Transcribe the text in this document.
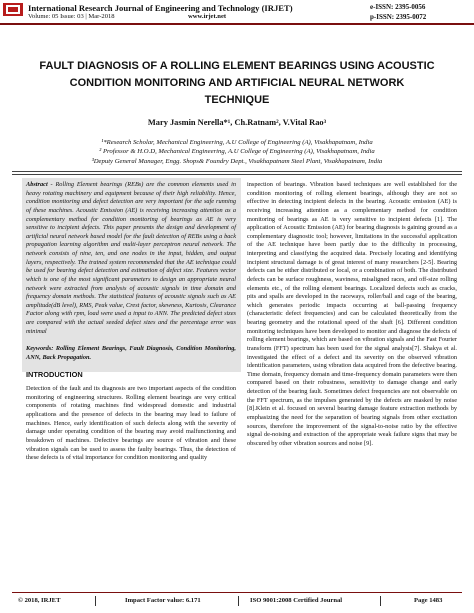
International Research Journal of Engineering and Technology (IRJET)
Volume: 05 Issue: 03 | Mar-2018	www.irjet.net
e-ISSN: 2395-0056
p-ISSN: 2395-0072
FAULT DIAGNOSIS OF A ROLLING ELEMENT BEARINGS USING ACOUSTIC
CONDITION MONITORING AND ARTIFICIAL NEURAL NETWORK
TECHNIQUE
Mary Jasmin Nerella*¹, Ch.Ratnam², V.Vital Rao³
¹*Research Scholar, Mechanical Engineering, A.U College of Engineering (A), Visakhapatnam, India
² Professor & H.O.D, Mechanical Engineering, A.U College of Engineering (A), Visakhapatnam, India
³Deputy General Manager, Engg. Shops& Foundry Dept., Visakhapatnam Steel Plant, Visakhapatnam, India

Abstract - Rolling Element bearings (REBs) are the common elements used in heavy rotating machinery and equipment because of their high reliability. Hence, condition monitoring and defect detection are very important for the safe running of these machines. Acoustic Emission (AE) is receiving increasing attention as a complementary method for condition monitoring of bearings as AE is very sensitive to incipient defects. This paper presents the design and development of artificial neural network based model for the fault detection of REBs using a back propagation learning algorithm and multi-layer perceptron neural network. The network consists of nine, ten, and one nodes in the input, hidden, and output layers, respectively. The trained system recommended that the AE technique could be used for bearing defect detection and estimation of defect size. Features vector which is one of the most significant parameters to design an appropriate neural network were extracted from analysis of acoustic signals in time domain and frequency domain methods. The statistical features of acoustic signals such as AE amplitude(dB level), RMS, Peak value, Crest factor, skewness, Kurtosis, Clearance Factor along with rpm, load were used a input to ANN. The predicted defect sizes are compared with the actual seeded defect sizes and the percentage error was minimal

Keywords: Rolling Element Bearings, Fault Diagnosis, Condition Monitoring, ANN, Back Propagation.

INTRODUCTION

Detection of the fault and its diagnosis are two important aspects of the condition monitoring of engineering structures. Rolling element bearings are very critical components of rotating machines find widespread domestic and industrial applications and the presence of defects in the bearing may lead to failure of machines. Hence, early identification of such defects along with the severity of damage under operating condition of the bearing may avoid malfunctioning and breakdown of machines. Defective bearings are source of vibration and these vibration signals can be used to assess the faulty bearings. Thus, the detection of these defects is of vital importance for condition monitoring and quality

inspection of bearings. Vibration based techniques are well established for the condition monitoring of rolling element bearings, although they are not so effective in detecting incipient defects in the bearing. Acoustic emission (AE) is receiving increasing attention as a complementary method for condition monitoring of bearings as AE is very sensitive to incipient defects [1]. The application of Acoustic Emission (AE) for bearing diagnosis is gaining ground as a complementary diagnostic tool; however, limitations in the successful application of the AE technique have been partly due to the difficulty in processing, interpreting and classifying the acquired data. Precisely locating and identifying incipient structural damage is of great interest of many researchers [2-5]. Bearing defects can be either distributed or local, or a combination of both. The distributed defects can be surface roughness, waviness, misaligned races, and off-size rolling elements etc., of the rolling element bearings. Localized defects such as cracks, pits and spalls are developed in the raceways, roller/ball and cage of the bearing, which generates periodic impacts occurring at ball-passing frequency (characteristic defect frequencies) and can be calculated theoretically from the bearing geometry and the rotational speed of the shaft [6]. Different condition monitoring techniques have been developed to monitor and diagnose the defects of rolling element bearings, which are based on vibration signals and the Fast Fourier transform (FFT) spectrum has been used for the signal analysis[7]. Shakya et al. investigated the effect of a defect and its severity on the observed vibration identification parameters, using vibration data acquired from the defective bearing. Time domain, frequency domain and time-frequency domain parameters were then compared based on their robustness, sensitivity to damage change and early detection of the bearing fault. Sometimes defect frequencies are not observable on the FFT spectrum, as the impulses generated by the defects are masked by noise [8].Klein et al. focused on several bearing damage feature extraction methods by emphasizing the need for the separation of bearing signals from other excitation sources, therefore the improvement of the signal-to-noise ratio by the effective signal de-noising and extraction of the appropriate weak failure signs that may be obscured by other vibration sources and noise [9].

© 2018, IRJET	Impact Factor value: 6.171	ISO 9001:2008 Certified Journal	Page 1483
